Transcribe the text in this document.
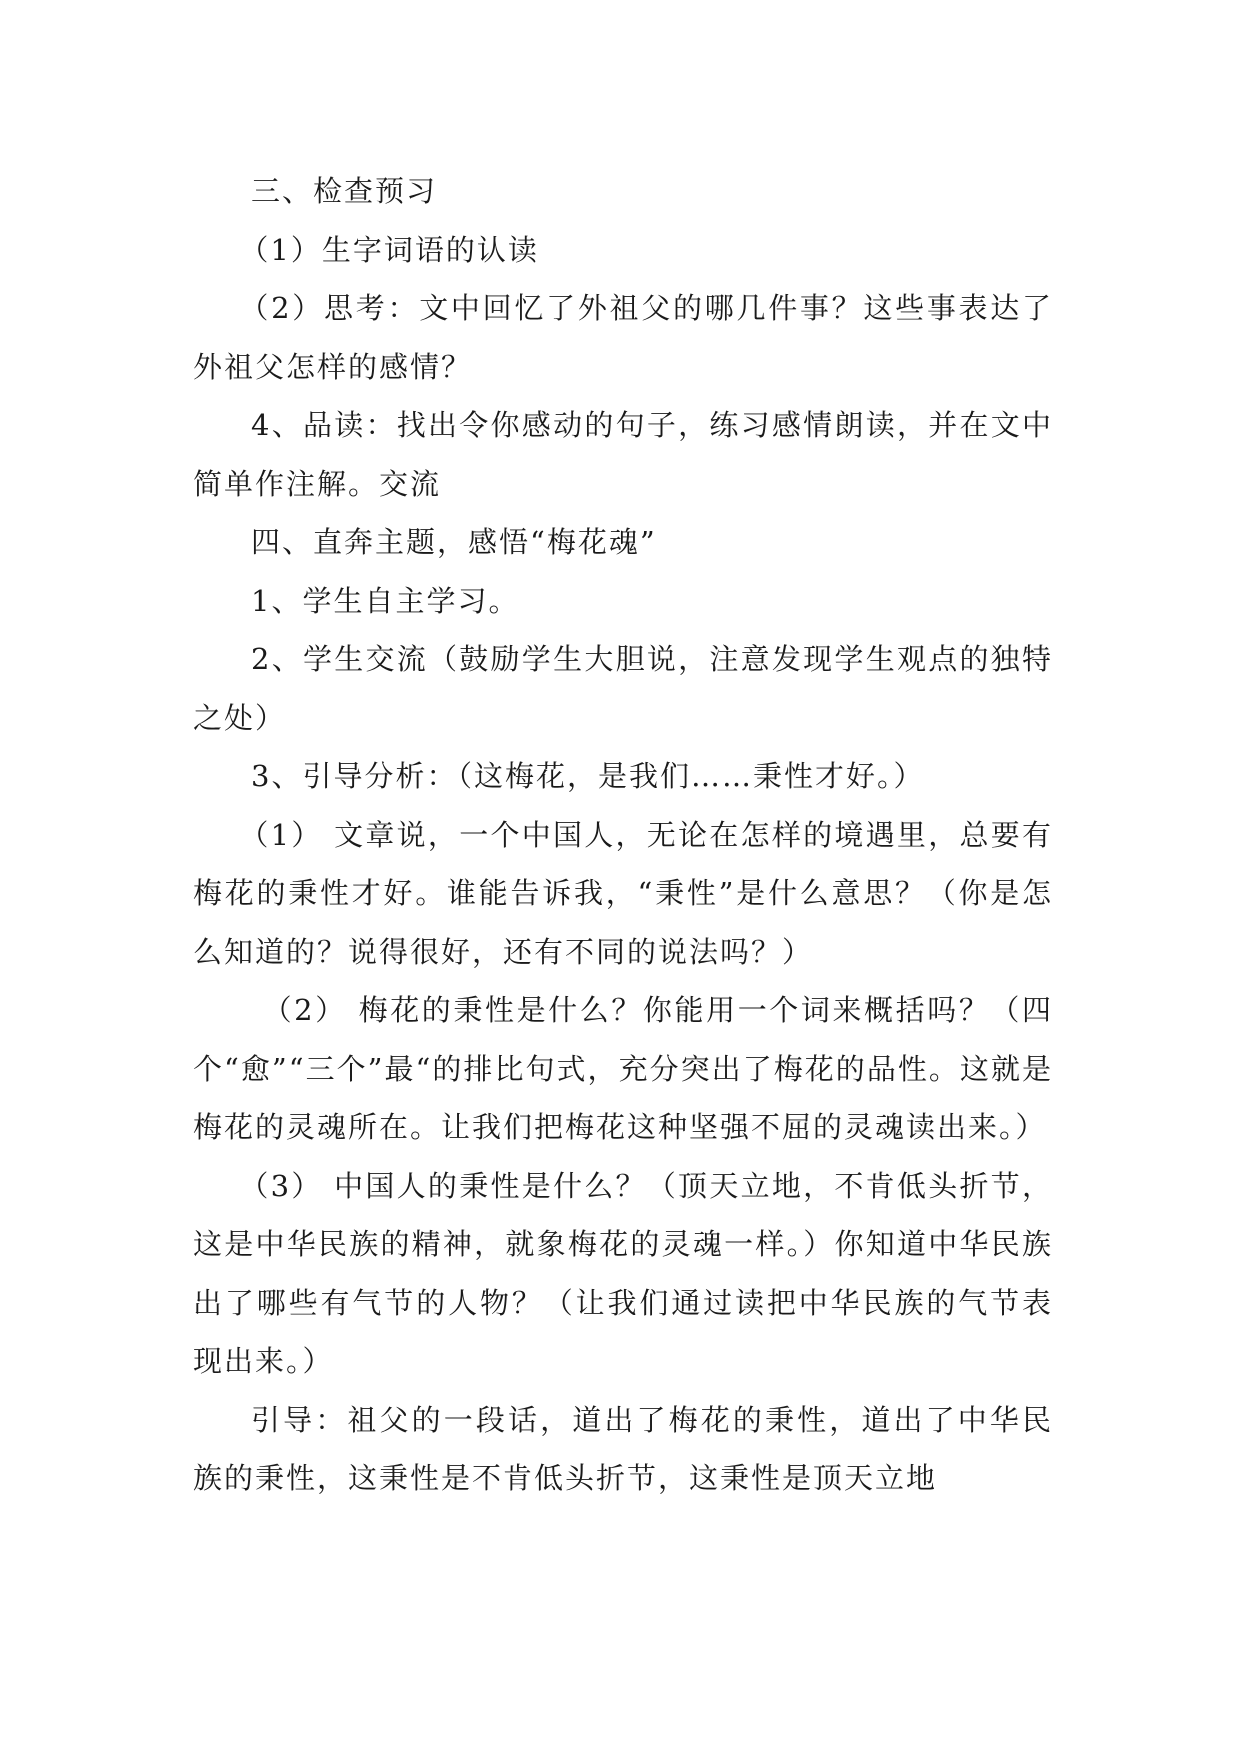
三、检查预习

（1）生字词语的认读

（2）思考：文中回忆了外祖父的哪几件事？这些事表达了外祖父怎样的感情？

4、品读：找出令你感动的句子，练习感情朗读，并在文中简单作注解。交流

四、直奔主题，感悟“梅花魂”

1、学生自主学习。

2、学生交流（鼓励学生大胆说，注意发现学生观点的独特之处）

3、引导分析：（这梅花，是我们……秉性才好。）

（1） 文章说，一个中国人，无论在怎样的境遇里，总要有梅花的秉性才好。谁能告诉我，“秉性”是什么意思？（你是怎么知道的？说得很好，还有不同的说法吗？）

（2） 梅花的秉性是什么？你能用一个词来概括吗？（四个“愈”“三个”最“的排比句式，充分突出了梅花的品性。这就是梅花的灵魂所在。让我们把梅花这种坚强不屈的灵魂读出来。）

（3） 中国人的秉性是什么？（顶天立地，不肯低头折节，这是中华民族的精神，就象梅花的灵魂一样。）你知道中华民族出了哪些有气节的人物？（让我们通过读把中华民族的气节表现出来。）

引导：祖父的一段话，道出了梅花的秉性，道出了中华民族的秉性，这秉性是不肯低头折节，这秉性是顶天立地
